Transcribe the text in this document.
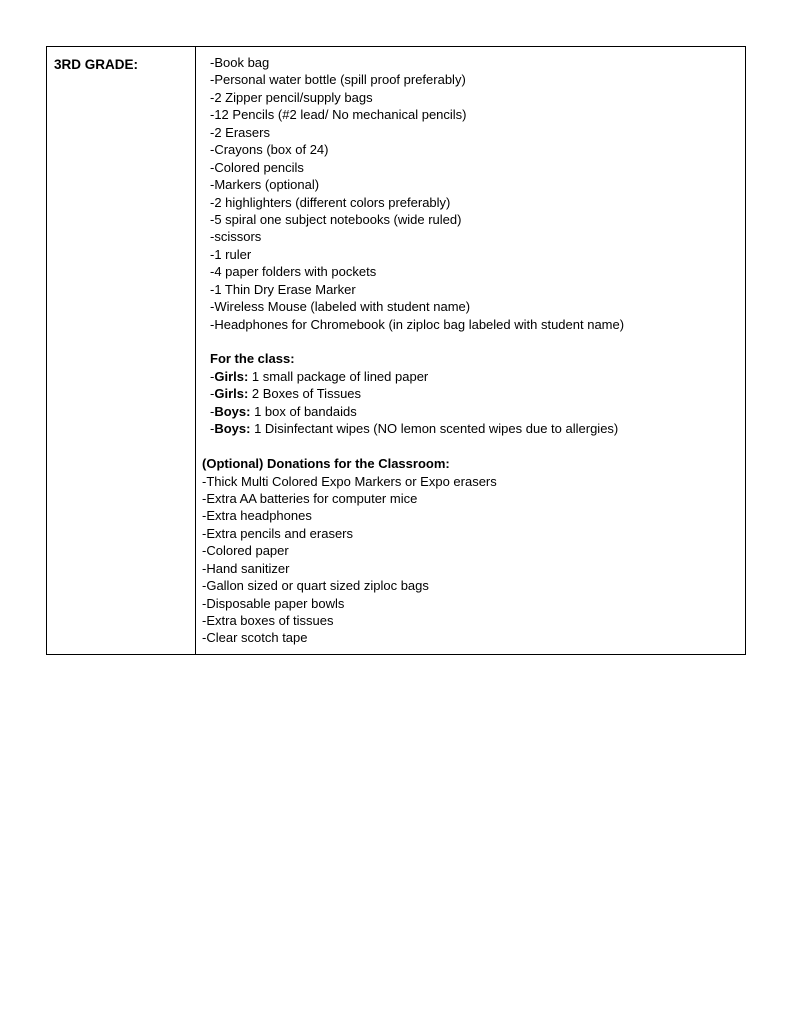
3RD GRADE:	-Book bag
-Personal water bottle (spill proof preferably)
-2 Zipper pencil/supply bags
-12 Pencils (#2 lead/ No mechanical pencils)
-2 Erasers
-Crayons (box of 24)
-Colored pencils
-Markers (optional)
-2 highlighters (different colors preferably)
-5 spiral one subject notebooks (wide ruled)
-scissors
-1 ruler
-4 paper folders with pockets
-1 Thin Dry Erase Marker
-Wireless Mouse (labeled with student name)
-Headphones for Chromebook (in ziploc bag labeled with student name)
For the class:
-Girls: 1 small package of lined paper
-Girls: 2 Boxes of Tissues
-Boys: 1 box of bandaids
-Boys: 1 Disinfectant wipes (NO lemon scented wipes due to allergies)
(Optional) Donations for the Classroom:
-Thick Multi Colored Expo Markers or Expo erasers
-Extra AA batteries for computer mice
-Extra headphones
-Extra pencils and erasers
-Colored paper
-Hand sanitizer
-Gallon sized or quart sized ziploc bags
-Disposable paper bowls
-Extra boxes of tissues
-Clear scotch tape
